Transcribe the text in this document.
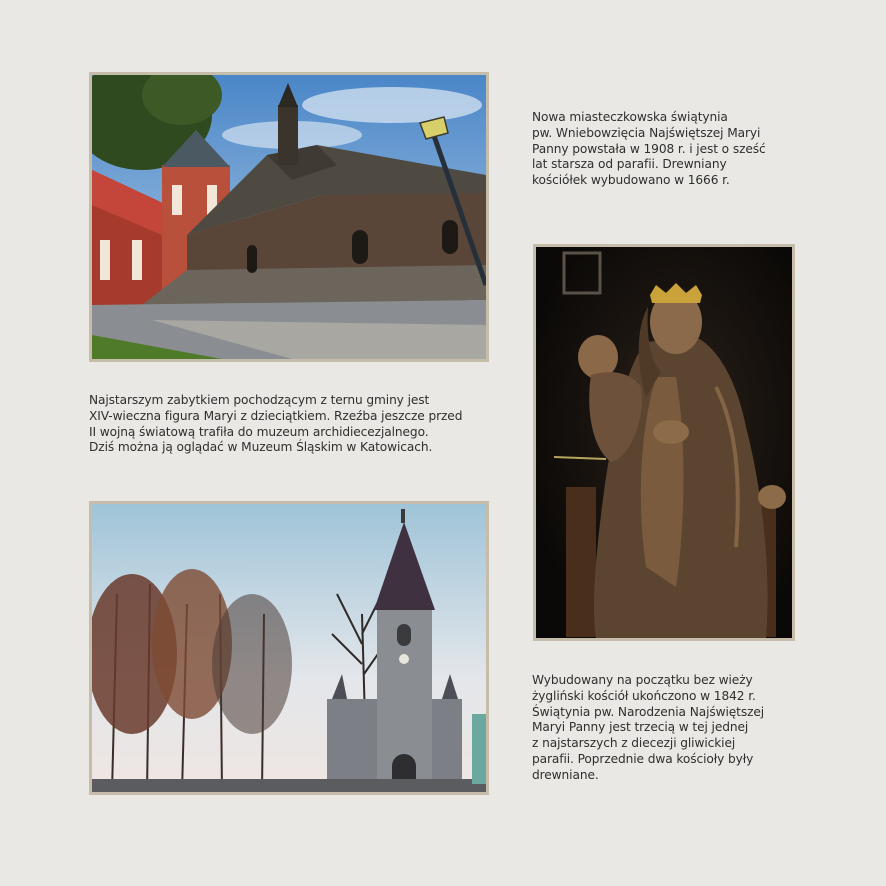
Nowa miasteczkowska świątynia
pw. Wniebowzięcia Najświętszej Maryi
Panny powstała w 1908 r. i jest o sześć
lat starsza od parafii. Drewniany
kościółek wybudowano w 1666 r.
Najstarszym zabytkiem pochodzącym z ternu gminy jest
XIV-wieczna figura Maryi z dzieciątkiem. Rzeźba jeszcze przed
II wojną światową trafiła do muzeum archidiecezjalnego.
Dziś można ją oglądać w Muzeum Śląskim w Katowicach.
Wybudowany na początku bez wieży
żygliński kościół ukończono w 1842 r.
Świątynia pw. Narodzenia Najświętszej
Maryi Panny jest trzecią w tej jednej
z najstarszych z diecezji gliwickiej
parafii. Poprzednie dwa kościoły były
drewniane.
